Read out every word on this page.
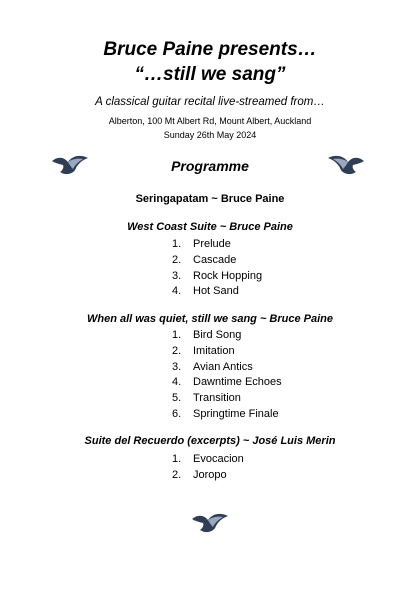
Bruce Paine presents…
“…still we sang”
A classical guitar recital live-streamed from…
Alberton, 100 Mt Albert Rd, Mount Albert, Auckland
Sunday 26th May 2024
Programme
Seringapatam ~ Bruce Paine
West Coast Suite ~ Bruce Paine
1. Prelude
2. Cascade
3. Rock Hopping
4. Hot Sand
When all was quiet, still we sang ~ Bruce Paine
1. Bird Song
2. Imitation
3. Avian Antics
4. Dawntime Echoes
5. Transition
6. Springtime Finale
Suite del Recuerdo (excerpts) ~ José Luis Merin
1. Evocacion
2. Joropo
